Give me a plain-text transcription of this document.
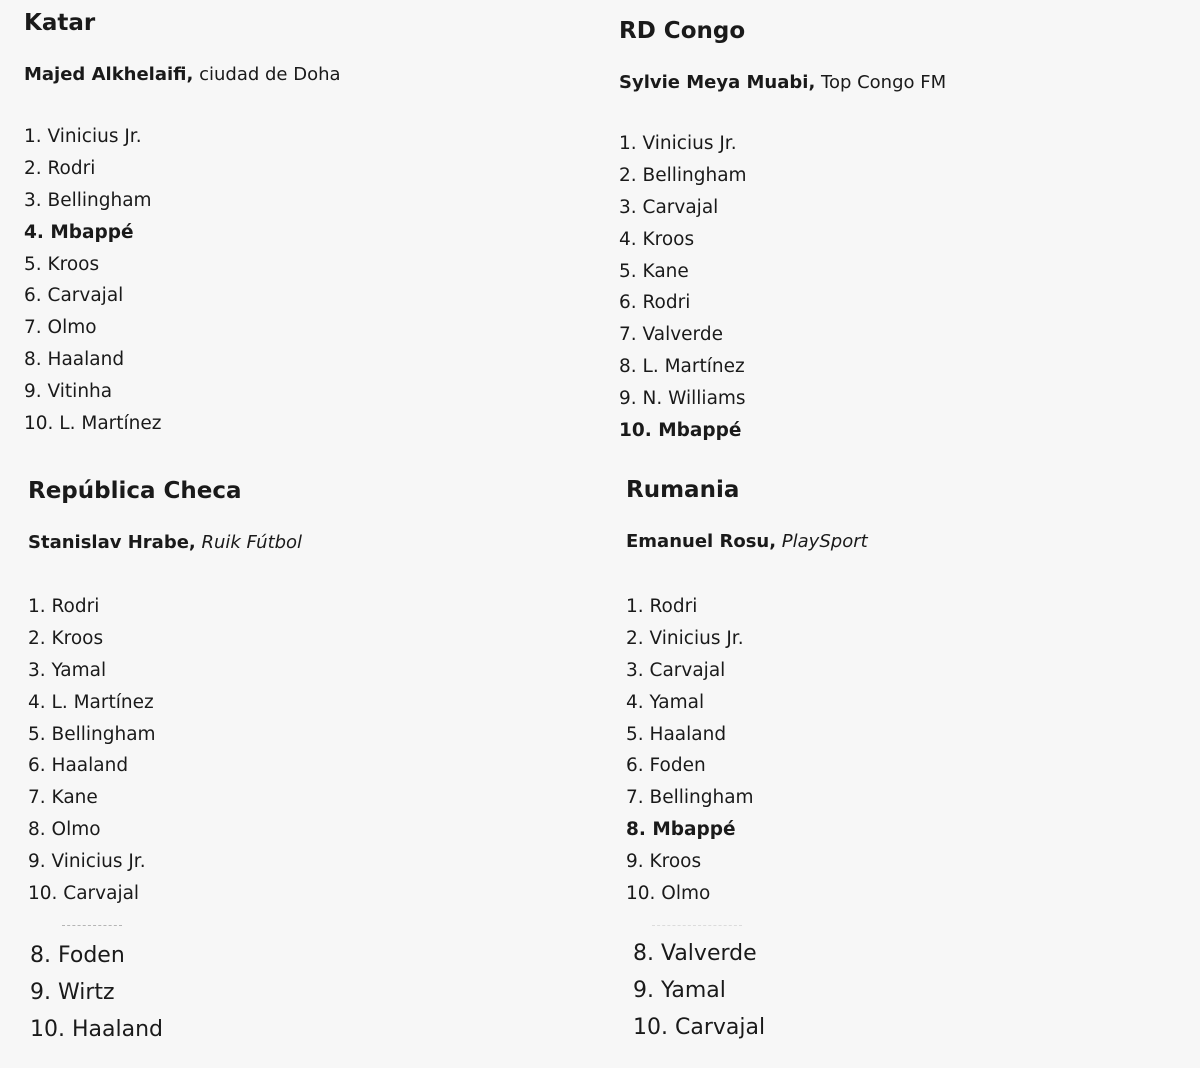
Katar

Majed Alkhelaifi, ciudad de Doha

1. Vinicius Jr.
2. Rodri
3. Bellingham
4. Mbappé
5. Kroos
6. Carvajal
7. Olmo
8. Haaland
9. Vitinha
10. L. Martínez
RD Congo

Sylvie Meya Muabi, Top Congo FM

1. Vinicius Jr.
2. Bellingham
3. Carvajal
4. Kroos
5. Kane
6. Rodri
7. Valverde
8. L. Martínez
9. N. Williams
10. Mbappé
República Checa

Stanislav Hrabe, Ruik Fútbol

1. Rodri
2. Kroos
3. Yamal
4. L. Martínez
5. Bellingham
6. Haaland
7. Kane
8. Olmo
9. Vinicius Jr.
10. Carvajal
Rumania

Emanuel Rosu, PlaySport

1. Rodri
2. Vinicius Jr.
3. Carvajal
4. Yamal
5. Haaland
6. Foden
7. Bellingham
8. Mbappé
9. Kroos
10. Olmo
8. Foden
9. Wirtz
10. Haaland
8. Valverde
9. Yamal
10. Carvajal
